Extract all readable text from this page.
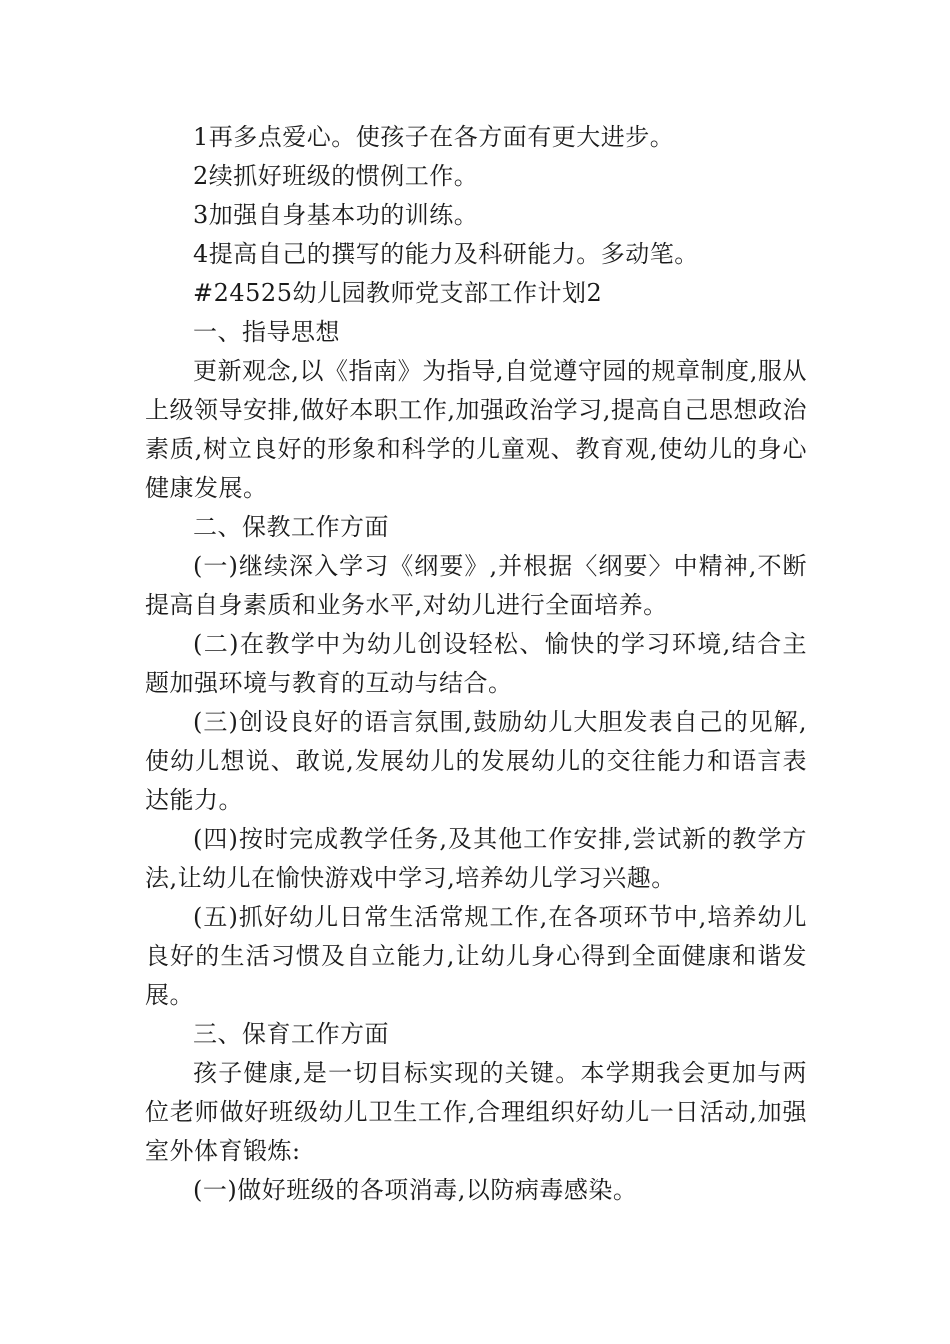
1再多点爱心。使孩子在各方面有更大进步。

2续抓好班级的惯例工作。

3加强自身基本功的训练。

4提高自己的撰写的能力及科研能力。多动笔。

#24525幼儿园教师党支部工作计划2

一、指导思想

更新观念,以《指南》为指导,自觉遵守园的规章制度,服从上级领导安排,做好本职工作,加强政治学习,提高自己思想政治素质,树立良好的形象和科学的儿童观、教育观,使幼儿的身心健康发展。

二、保教工作方面

(一)继续深入学习《纲要》,并根据〈纲要〉中精神,不断提高自身素质和业务水平,对幼儿进行全面培养。

(二)在教学中为幼儿创设轻松、愉快的学习环境,结合主题加强环境与教育的互动与结合。

(三)创设良好的语言氛围,鼓励幼儿大胆发表自己的见解,使幼儿想说、敢说,发展幼儿的发展幼儿的交往能力和语言表达能力。

(四)按时完成教学任务,及其他工作安排,尝试新的教学方法,让幼儿在愉快游戏中学习,培养幼儿学习兴趣。

(五)抓好幼儿日常生活常规工作,在各项环节中,培养幼儿良好的生活习惯及自立能力,让幼儿身心得到全面健康和谐发展。

三、保育工作方面

孩子健康,是一切目标实现的关键。本学期我会更加与两位老师做好班级幼儿卫生工作,合理组织好幼儿一日活动,加强室外体育锻炼:

(一)做好班级的各项消毒,以防病毒感染。
